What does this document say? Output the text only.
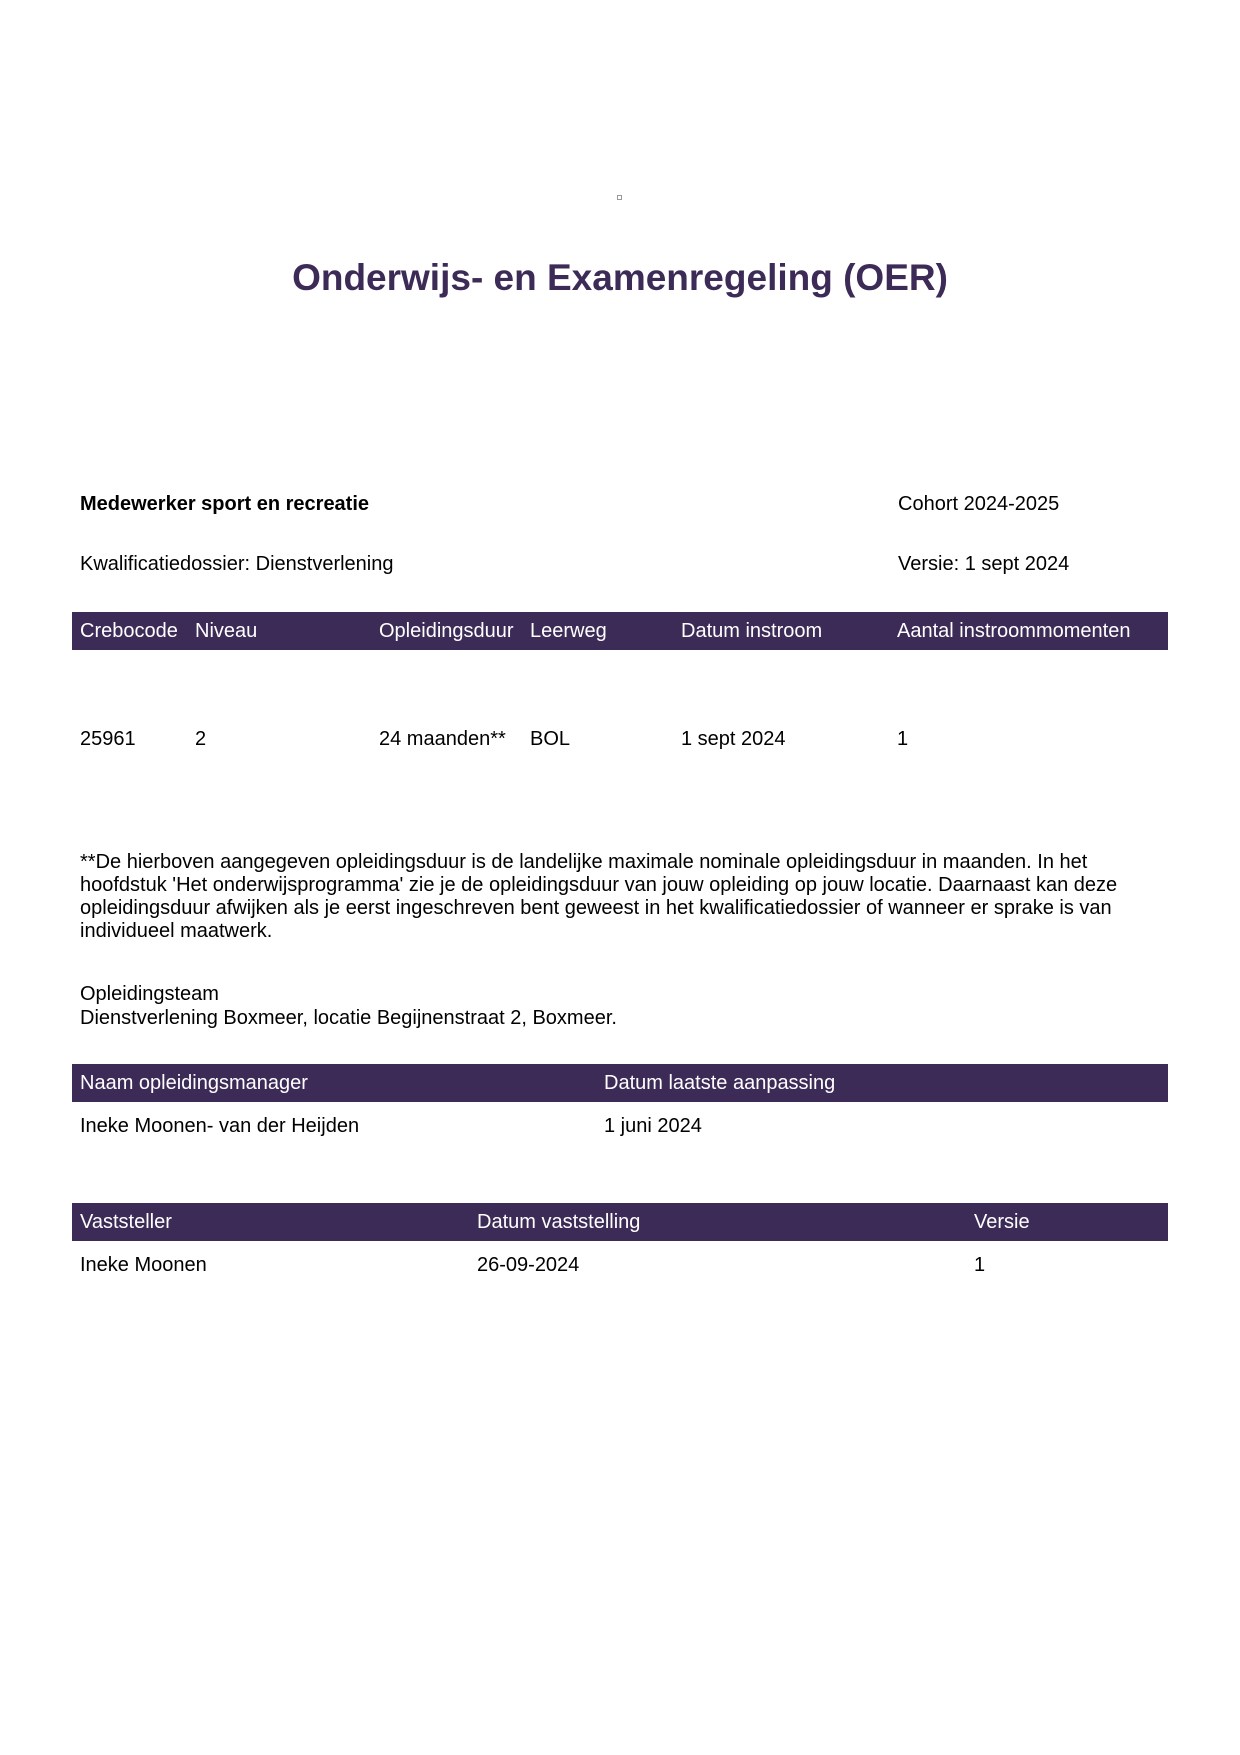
Onderwijs- en Examenregeling (OER)
Medewerker sport en recreatie	Cohort 2024-2025
Kwalificatiedossier: Dienstverlening	Versie: 1 sept 2024
Crebocode	Niveau	Opleidingsduur	Leerweg	Datum instroom	Aantal instroommomenten
25961	2	24 maanden**	BOL	1 sept 2024	1
**De hierboven aangegeven opleidingsduur is de landelijke maximale nominale opleidingsduur in maanden. In het hoofdstuk 'Het onderwijsprogramma' zie je de opleidingsduur van jouw opleiding op jouw locatie. Daarnaast kan deze opleidingsduur afwijken als je eerst ingeschreven bent geweest in het kwalificatiedossier of wanneer er sprake is van individueel maatwerk.
Opleidingsteam
Dienstverlening Boxmeer, locatie Begijnenstraat 2, Boxmeer.
Naam opleidingsmanager	Datum laatste aanpassing
Ineke Moonen- van der Heijden	1 juni 2024
Vaststeller	Datum vaststelling	Versie
Ineke Moonen	26-09-2024	1
